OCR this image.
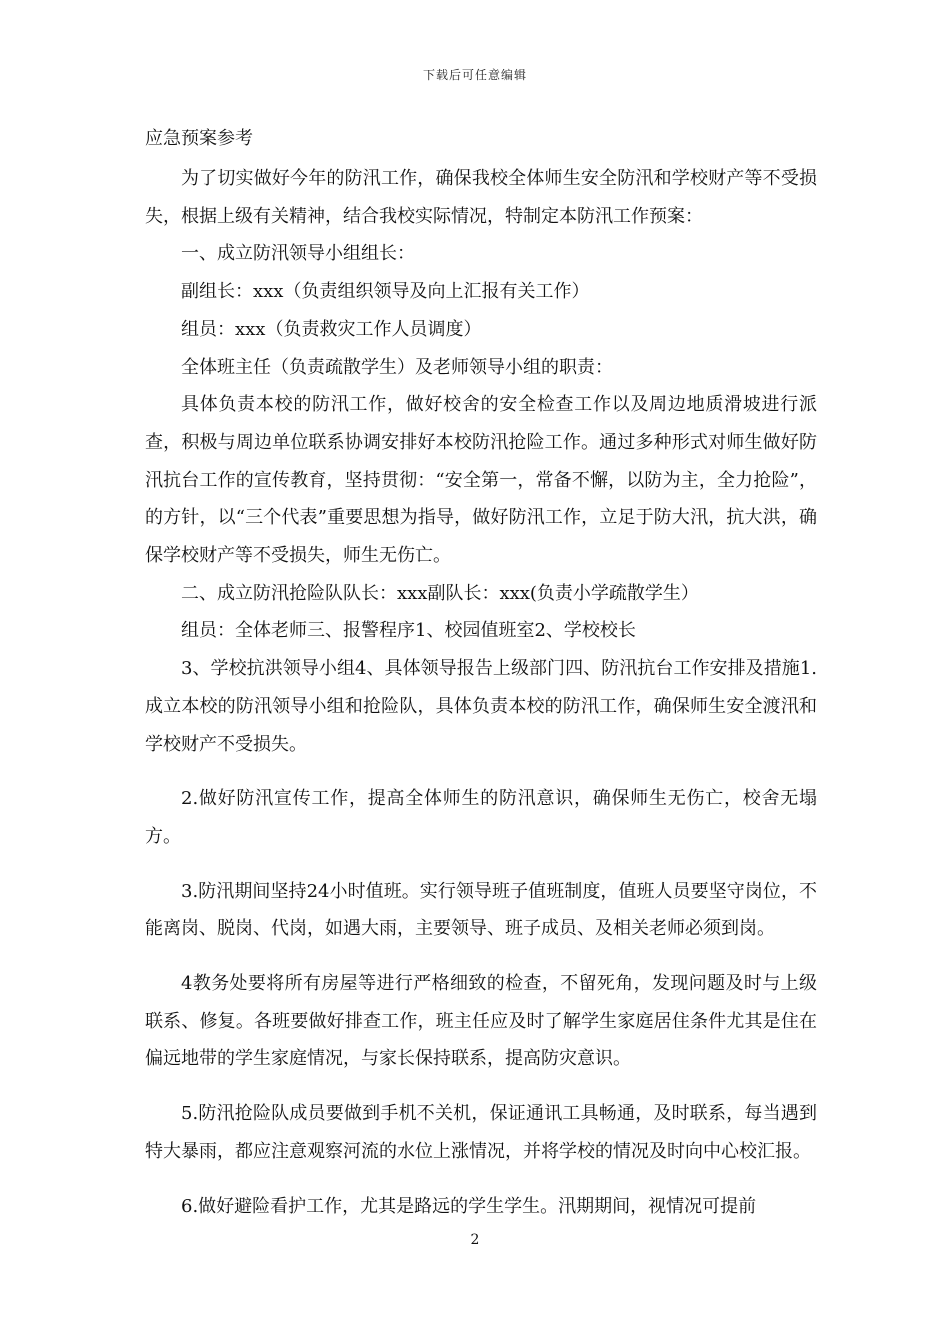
下载后可任意编辑
应急预案参考

为了切实做好今年的防汛工作，确保我校全体师生安全防汛和学校财产等不受损失，根据上级有关精神，结合我校实际情况，特制定本防汛工作预案：

一、成立防汛领导小组组长：

副组长：xxx（负责组织领导及向上汇报有关工作）

组员：xxx（负责救灾工作人员调度）

全体班主任（负责疏散学生）及老师领导小组的职责：

具体负责本校的防汛工作，做好校舍的安全检查工作以及周边地质滑坡进行派查，积极与周边单位联系协调安排好本校防汛抢险工作。通过多种形式对师生做好防汛抗台工作的宣传教育，坚持贯彻：“安全第一，常备不懈，以防为主，全力抢险”，的方针，以“三个代表”重要思想为指导，做好防汛工作，立足于防大汛，抗大洪，确保学校财产等不受损失，师生无伤亡。

二、成立防汛抢险队队长：xxx副队长：xxx(负责小学疏散学生）

组员：全体老师三、报警程序1、校园值班室2、学校校长

3、学校抗洪领导小组4、具体领导报告上级部门四、防汛抗台工作安排及措施1.成立本校的防汛领导小组和抢险队，具体负责本校的防汛工作，确保师生安全渡汛和学校财产不受损失。

2.做好防汛宣传工作，提高全体师生的防汛意识，确保师生无伤亡，校舍无塌方。

3.防汛期间坚持24小时值班。实行领导班子值班制度，值班人员要坚守岗位，不能离岗、脱岗、代岗，如遇大雨，主要领导、班子成员、及相关老师必须到岗。

4教务处要将所有房屋等进行严格细致的检查，不留死角，发现问题及时与上级联系、修复。各班要做好排查工作，班主任应及时了解学生家庭居住条件尤其是住在偏远地带的学生家庭情况，与家长保持联系，提高防灾意识。

5.防汛抢险队成员要做到手机不关机，保证通讯工具畅通，及时联系，每当遇到特大暴雨，都应注意观察河流的水位上涨情况，并将学校的情况及时向中心校汇报。

6.做好避险看护工作，尤其是路远的学生学生。汛期期间，视情况可提前

2
